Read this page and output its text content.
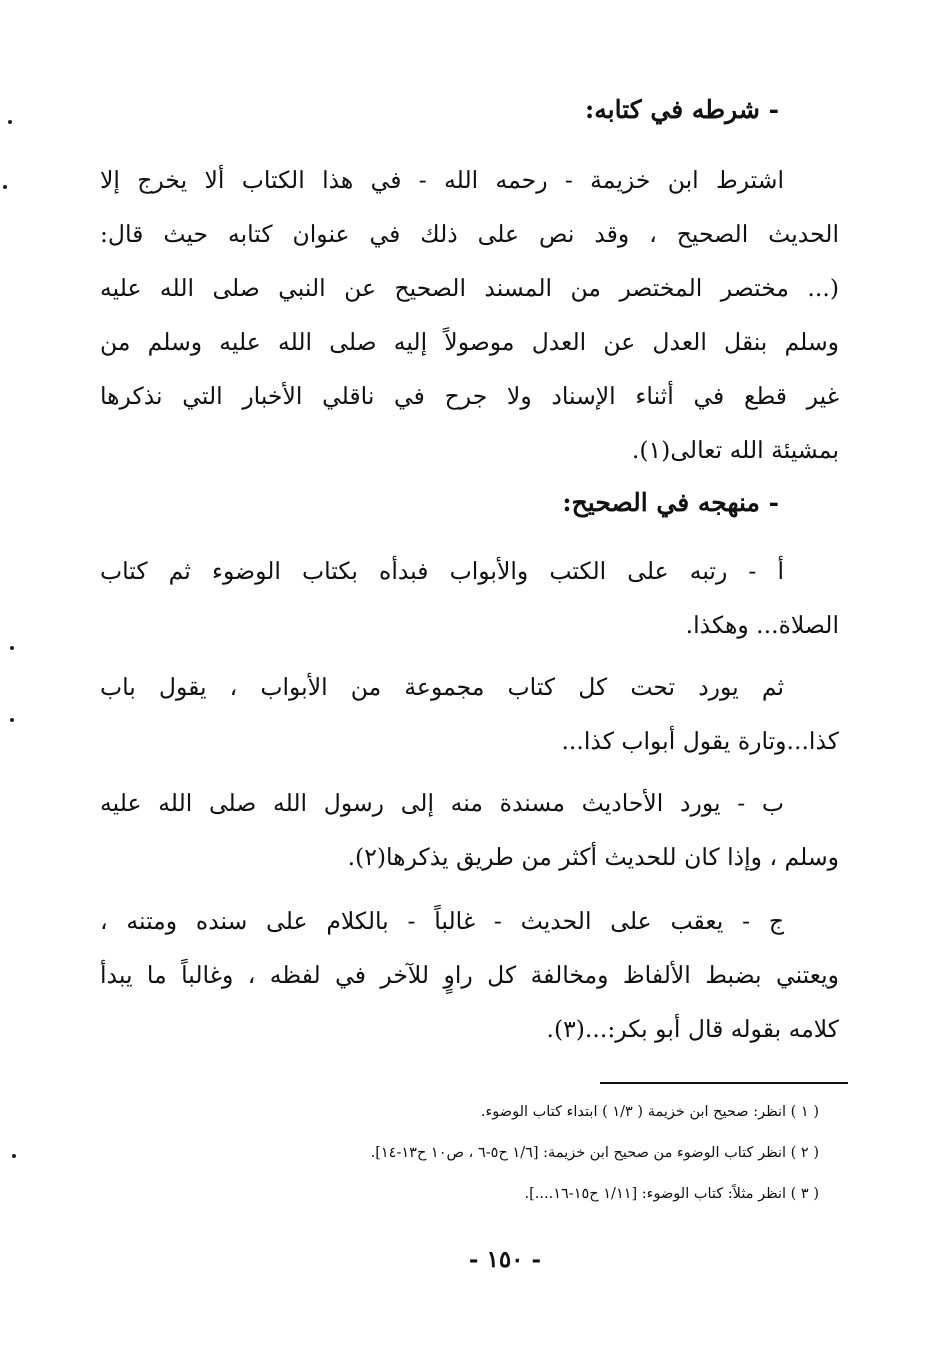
- شرطه في كتابه:
اشترط ابن خزيمة - رحمه الله - في هذا الكتاب ألا يخرج إلا
الحديث الصحيح ، وقد نص على ذلك في عنوان كتابه حيث قال:
(... مختصر المختصر من المسند الصحيح عن النبي صلى الله عليه
وسلم بنقل العدل عن العدل موصولاً إليه صلى الله عليه وسلم من
غير قطع في أثناء الإسناد ولا جرح في ناقلي الأخبار التي نذكرها
بمشيئة الله تعالى(١).
- منهجه في الصحيح:
أ - رتبه على الكتب والأبواب فبدأه بكتاب الوضوء ثم كتاب
الصلاة... وهكذا.
ثم يورد تحت كل كتاب مجموعة من الأبواب ، يقول باب
كذا...وتارة يقول أبواب كذا...
ب - يورد الأحاديث مسندة منه إلى رسول الله صلى الله عليه
وسلم ، وإذا كان للحديث أكثر من طريق يذكرها(٢).
ج - يعقب على الحديث - غالباً - بالكلام على سنده ومتنه ،
ويعتني بضبط الألفاظ ومخالفة كل راوٍ للآخر في لفظه ، وغالباً ما يبدأ
كلامه بقوله قال أبو بكر:...(٣).
( ١ ) انظر: صحيح ابن خزيمة ( ١/٣ ) ابتداء كتاب الوضوء.
( ٢ ) انظر كتاب الوضوء من صحيح ابن خزيمة: [١/٦ ح٥-٦ ، ص١٠ ح١٣-١٤].
( ٣ ) انظر مثلاً: كتاب الوضوء: [١/١١ ح١٥-١٦....].
- ١٥٠ -
